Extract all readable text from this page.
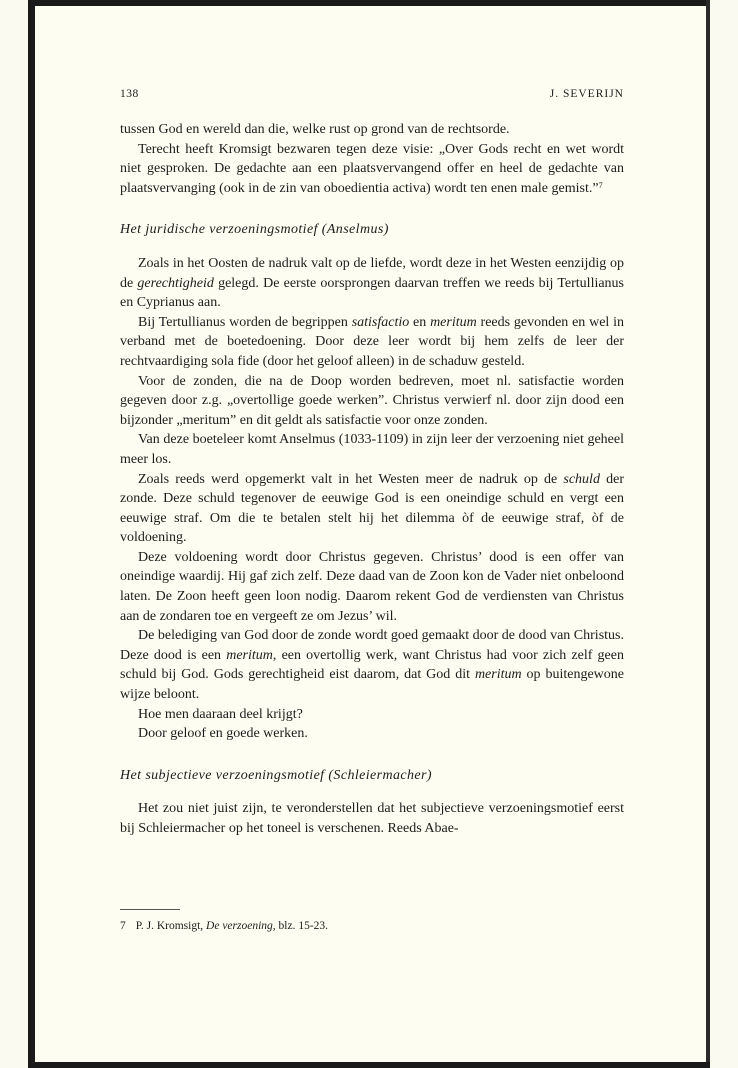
138	J. SEVERIJN

tussen God en wereld dan die, welke rust op grond van de rechtsorde.

Terecht heeft Kromsigt bezwaren tegen deze visie: „Over Gods recht en wet wordt niet gesproken. De gedachte aan een plaatsvervangend offer en heel de gedachte van plaatsvervanging (ook in de zin van oboedientia activa) wordt ten enen male gemist.”$^7$

Het juridische verzoeningsmotief (Anselmus)

Zoals in het Oosten de nadruk valt op de liefde, wordt deze in het Westen eenzijdig op de gerechtigheid gelegd. De eerste oorsprongen daarvan treffen we reeds bij Tertullianus en Cyprianus aan.

Bij Tertullianus worden de begrippen satisfactio en meritum reeds gevonden en wel in verband met de boetedoening. Door deze leer wordt bij hem zelfs de leer der rechtvaardiging sola fide (door het geloof alleen) in de schaduw gesteld.

Voor de zonden, die na de Doop worden bedreven, moet nl. satisfactie worden gegeven door z.g. „overtollige goede werken”. Christus verwierf nl. door zijn dood een bijzonder „meritum” en dit geldt als satisfactie voor onze zonden.

Van deze boeteleer komt Anselmus (1033-1109) in zijn leer der verzoening niet geheel meer los.

Zoals reeds werd opgemerkt valt in het Westen meer de nadruk op de schuld der zonde. Deze schuld tegenover de eeuwige God is een oneindige schuld en vergt een eeuwige straf. Om die te betalen stelt hij het dilemma òf de eeuwige straf, òf de voldoening.

Deze voldoening wordt door Christus gegeven. Christus’ dood is een offer van oneindige waardij. Hij gaf zich zelf. Deze daad van de Zoon kon de Vader niet onbeloond laten. De Zoon heeft geen loon nodig. Daarom rekent God de verdiensten van Christus aan de zondaren toe en vergeeft ze om Jezus’ wil.

De belediging van God door de zonde wordt goed gemaakt door de dood van Christus. Deze dood is een meritum, een overtollig werk, want Christus had voor zich zelf geen schuld bij God. Gods gerechtigheid eist daarom, dat God dit meritum op buitengewone wijze beloont.

Hoe men daaraan deel krijgt?

Door geloof en goede werken.

Het subjectieve verzoeningsmotief (Schleiermacher)

Het zou niet juist zijn, te veronderstellen dat het subjectieve verzoeningsmotief eerst bij Schleiermacher op het toneel is verschenen. Reeds Abae-

7 P. J. Kromsigt, De verzoening, blz. 15-23.
